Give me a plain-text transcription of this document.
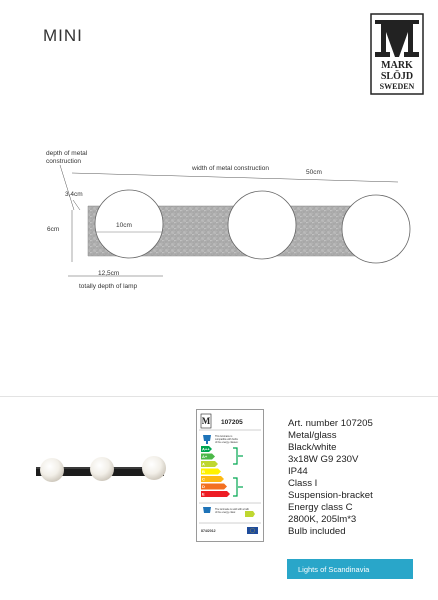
MINI
MARK
SLÖJD
SWEDEN
depth of metal
construction
width of metal construction
50cm
3,4cm
6cm
10cm
12,5cm
totally depth of lamp
M 107205
This luminaire is
compatible with bulbs
of the energy classes:
A++
A+
A
B
C
D
E
The luminaire is sold with a bulb
of the energy class:
874/2012
Art. number 107205
Metal/glass
Black/white
3x18W G9 230V
IP44
Class I
Suspension-bracket
Energy class C
2800K, 205lm*3
Bulb included
Lights of Scandinavia
